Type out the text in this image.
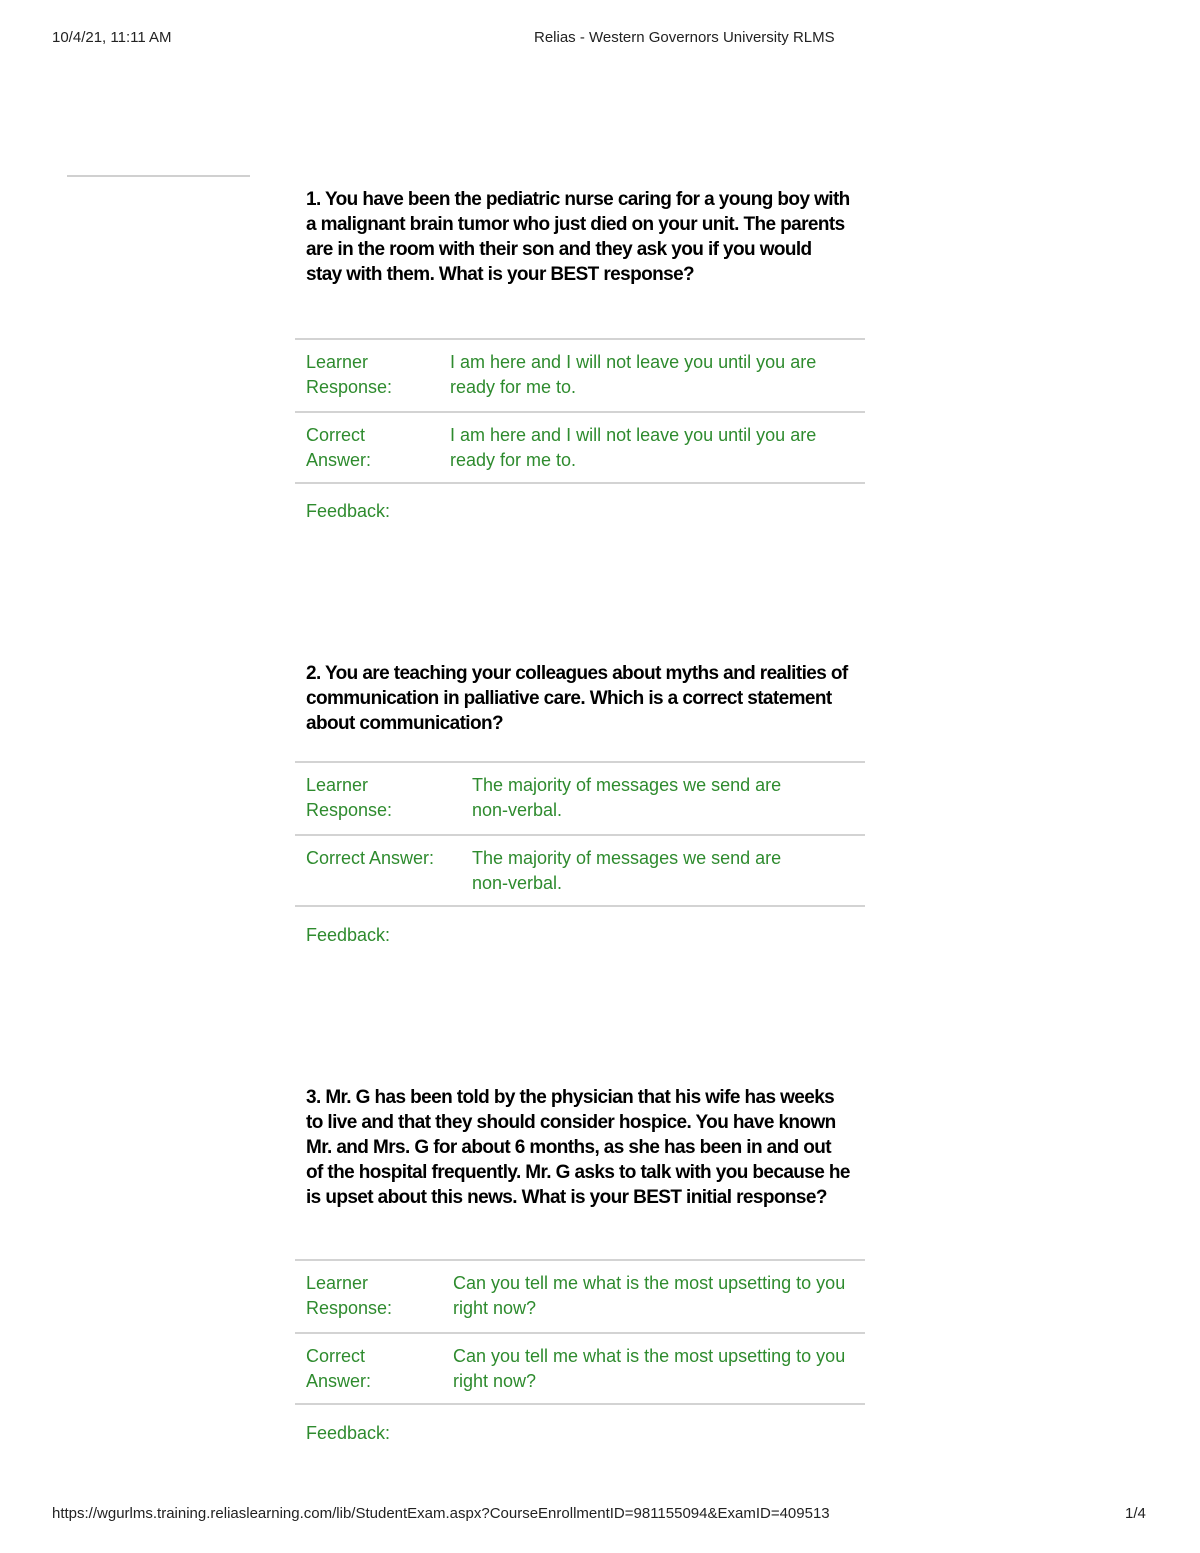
10/4/21, 11:11 AM	Relias - Western Governors University RLMS
1. You have been the pediatric nurse caring for a young boy with a malignant brain tumor who just died on your unit. The parents are in the room with their son and they ask you if you would stay with them. What is your BEST response?
Learner Response:
I am here and I will not leave you until you are ready for me to.
Correct Answer:
I am here and I will not leave you until you are ready for me to.
Feedback:
2. You are teaching your colleagues about myths and realities of communication in palliative care. Which is a correct statement about communication?
Learner Response:
The majority of messages we send are non-verbal.
Correct Answer:	The majority of messages we send are non-verbal.
Feedback:
3. Mr. G has been told by the physician that his wife has weeks to live and that they should consider hospice. You have known Mr. and Mrs. G for about 6 months, as she has been in and out of the hospital frequently. Mr. G asks to talk with you because he is upset about this news. What is your BEST initial response?
Learner Response:
Can you tell me what is the most upsetting to you right now?
Correct Answer:
Can you tell me what is the most upsetting to you right now?
Feedback:
https://wgurlms.training.reliaslearning.com/lib/StudentExam.aspx?CourseEnrollmentID=981155094&ExamID=409513	1/4
